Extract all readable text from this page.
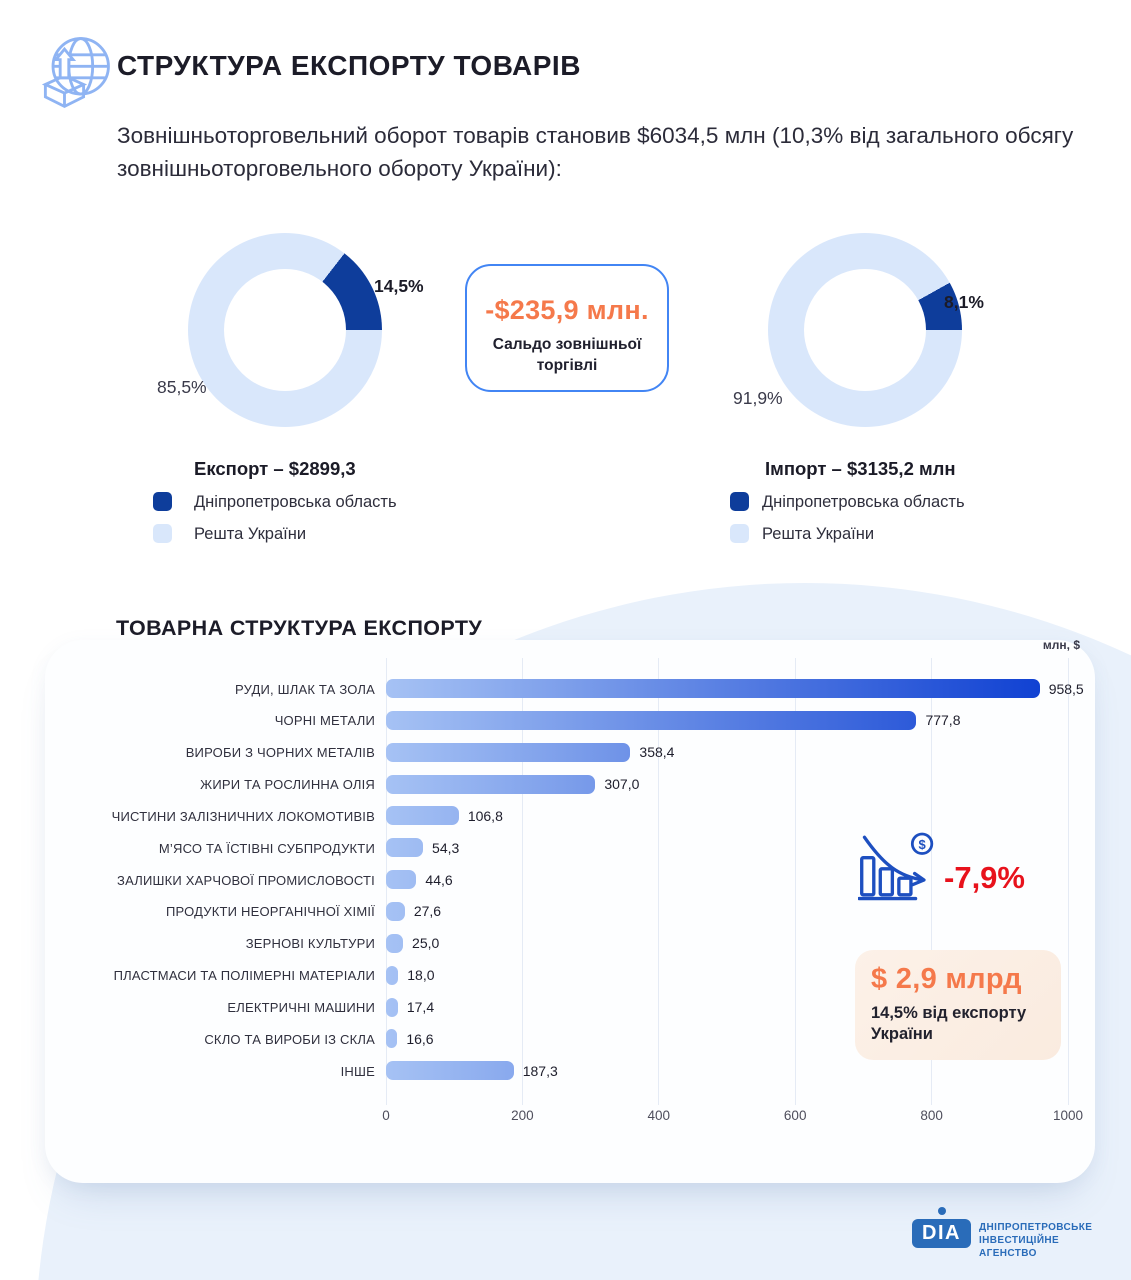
СТРУКТУРА ЕКСПОРТУ ТОВАРІВ
Зовнішньоторговельний оборот товарів становив $6034,5 млн (10,3% від загального обсягу зовнішньоторговельного обороту України):
14,5%
85,5%
Експорт – $2899,3
Дніпропетровська область
Решта України
-$235,9 млн.
Сальдо зовнішньої торгівлі
8,1%
91,9%
Імпорт – $3135,2 млн
Дніпропетровська область
Решта України
ТОВАРНА СТРУКТУРА ЕКСПОРТУ
млн, $
РУДИ, ШЛАК ТА ЗОЛА
ЧОРНІ МЕТАЛИ
ВИРОБИ З ЧОРНИХ МЕТАЛІВ
ЖИРИ ТА РОСЛИННА ОЛІЯ
ЧИСТИНИ ЗАЛІЗНИЧНИХ ЛОКОМОТИВІВ
М’ЯСО ТА ЇСТІВНІ СУБПРОДУКТИ
ЗАЛИШКИ ХАРЧОВОЇ ПРОМИСЛОВОСТІ
ПРОДУКТИ НЕОРГАНІЧНОЇ ХІМІЇ
ЗЕРНОВІ КУЛЬТУРИ
ПЛАСТМАСИ ТА ПОЛІМЕРНІ МАТЕРІАЛИ
ЕЛЕКТРИЧНІ МАШИНИ
СКЛО ТА ВИРОБИ ІЗ СКЛА
ІНШЕ
958,5
777,8
358,4
307,0
106,8
54,3
44,6
27,6
25,0
18,0
17,4
16,6
187,3
0	200	400	600	800	1000
$
-7,9%
$ 2,9 млрд
14,5% від експорту України
DIA	ДНІПРОПЕТРОВСЬКЕ
ІНВЕСТИЦІЙНЕ АГЕНСТВО
